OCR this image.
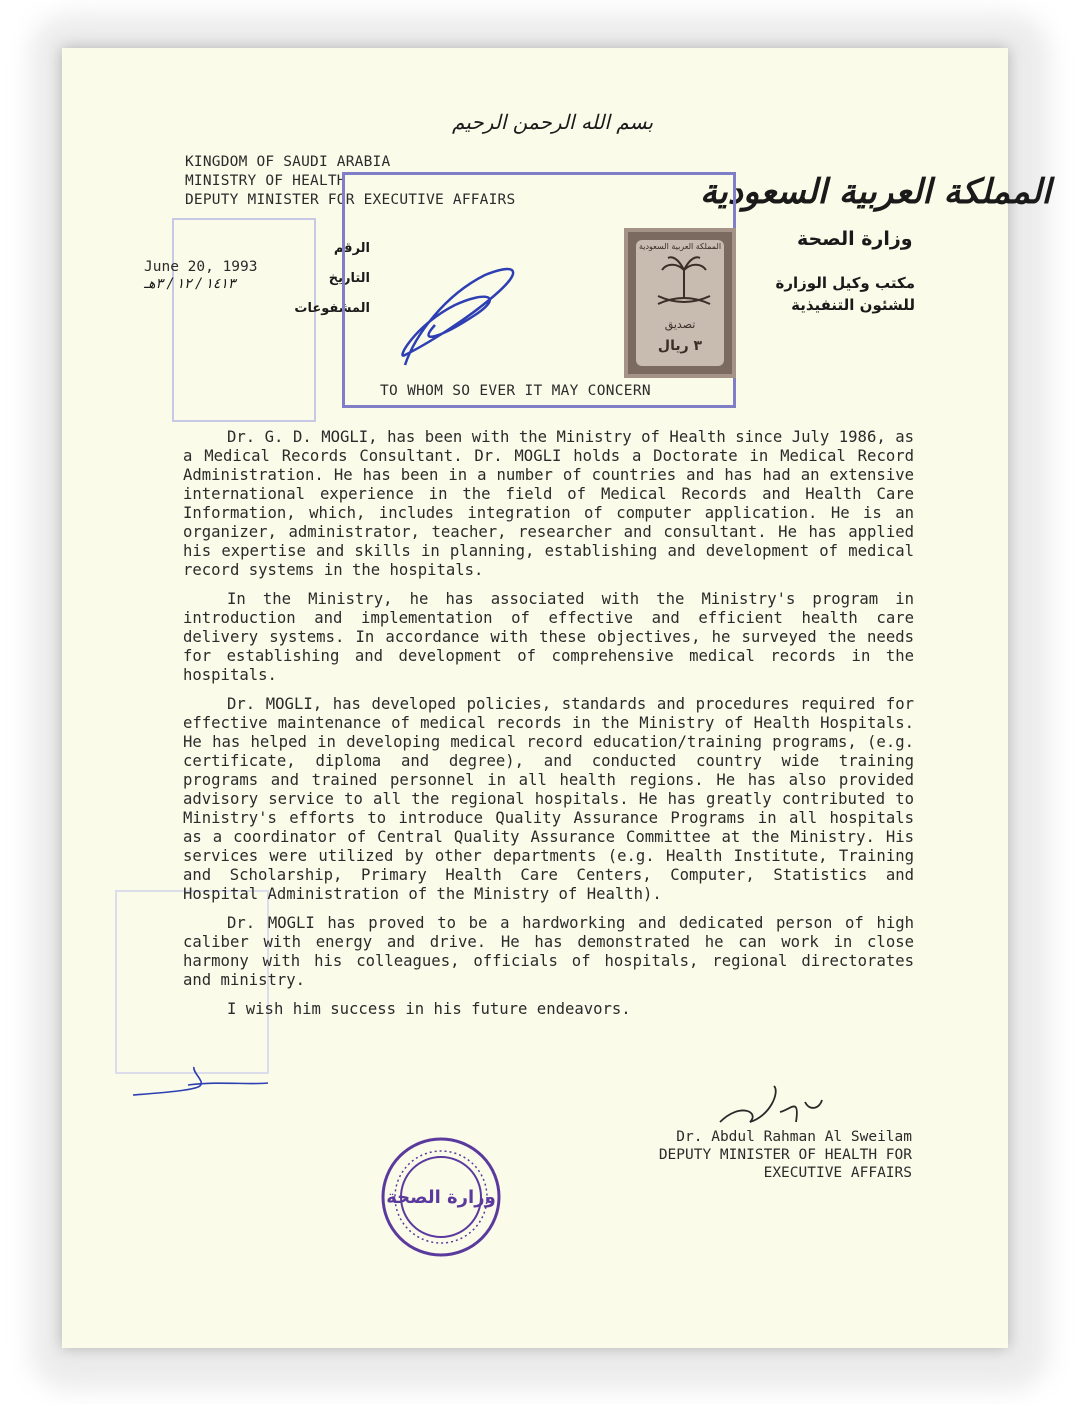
بسم الله الرحمن الرحيم
KINGDOM OF SAUDI ARABIA
MINISTRY OF HEALTH
DEPUTY MINISTER FOR EXECUTIVE AFFAIRS	المملكة العربية السعودية
وزارة الصحة
مكتب وكيل الوزارة للشئون التنفيذية
الرقم
التاريخ
المشفوعات
June 20, 1993
١٤١٣ / ١٢ / ٣هـ
المملكة العربية السعودية
تصديق
٣ ريال
TO WHOM SO EVER IT MAY CONCERN

Dr. G. D. MOGLI, has been with the Ministry of Health since July 1986, as a Medical Records Consultant. Dr. MOGLI holds a Doctorate in Medical Record Administration. He has been in a number of countries and has had an extensive international experience in the field of Medical Records and Health Care Information, which, includes integration of computer application. He is an organizer, administrator, teacher, researcher and consultant. He has applied his expertise and skills in planning, establishing and development of medical record systems in the hospitals.

In the Ministry, he has associated with the Ministry's program in introduction and implementation of effective and efficient health care delivery systems. In accordance with these objectives, he surveyed the needs for establishing and development of comprehensive medical records in the hospitals.

Dr. MOGLI, has developed policies, standards and procedures required for effective maintenance of medical records in the Ministry of Health Hospitals. He has helped in developing medical record education/training programs, (e.g. certificate, diploma and degree), and conducted country wide training programs and trained personnel in all health regions. He has also provided advisory service to all the regional hospitals. He has greatly contributed to Ministry's efforts to introduce Quality Assurance Programs in all hospitals as a coordinator of Central Quality Assurance Committee at the Ministry. His services were utilized by other departments (e.g. Health Institute, Training and Scholarship, Primary Health Care Centers, Computer, Statistics and Hospital Administration of the Ministry of Health).

Dr. MOGLI has proved to be a hardworking and dedicated person of high caliber with energy and drive. He has demonstrated he can work in close harmony with his colleagues, officials of hospitals, regional directorates and ministry.

I wish him success in his future endeavors.

Dr. Abdul Rahman Al Sweilam
DEPUTY MINISTER OF HEALTH FOR
EXECUTIVE AFFAIRS
وزارة الصحة
